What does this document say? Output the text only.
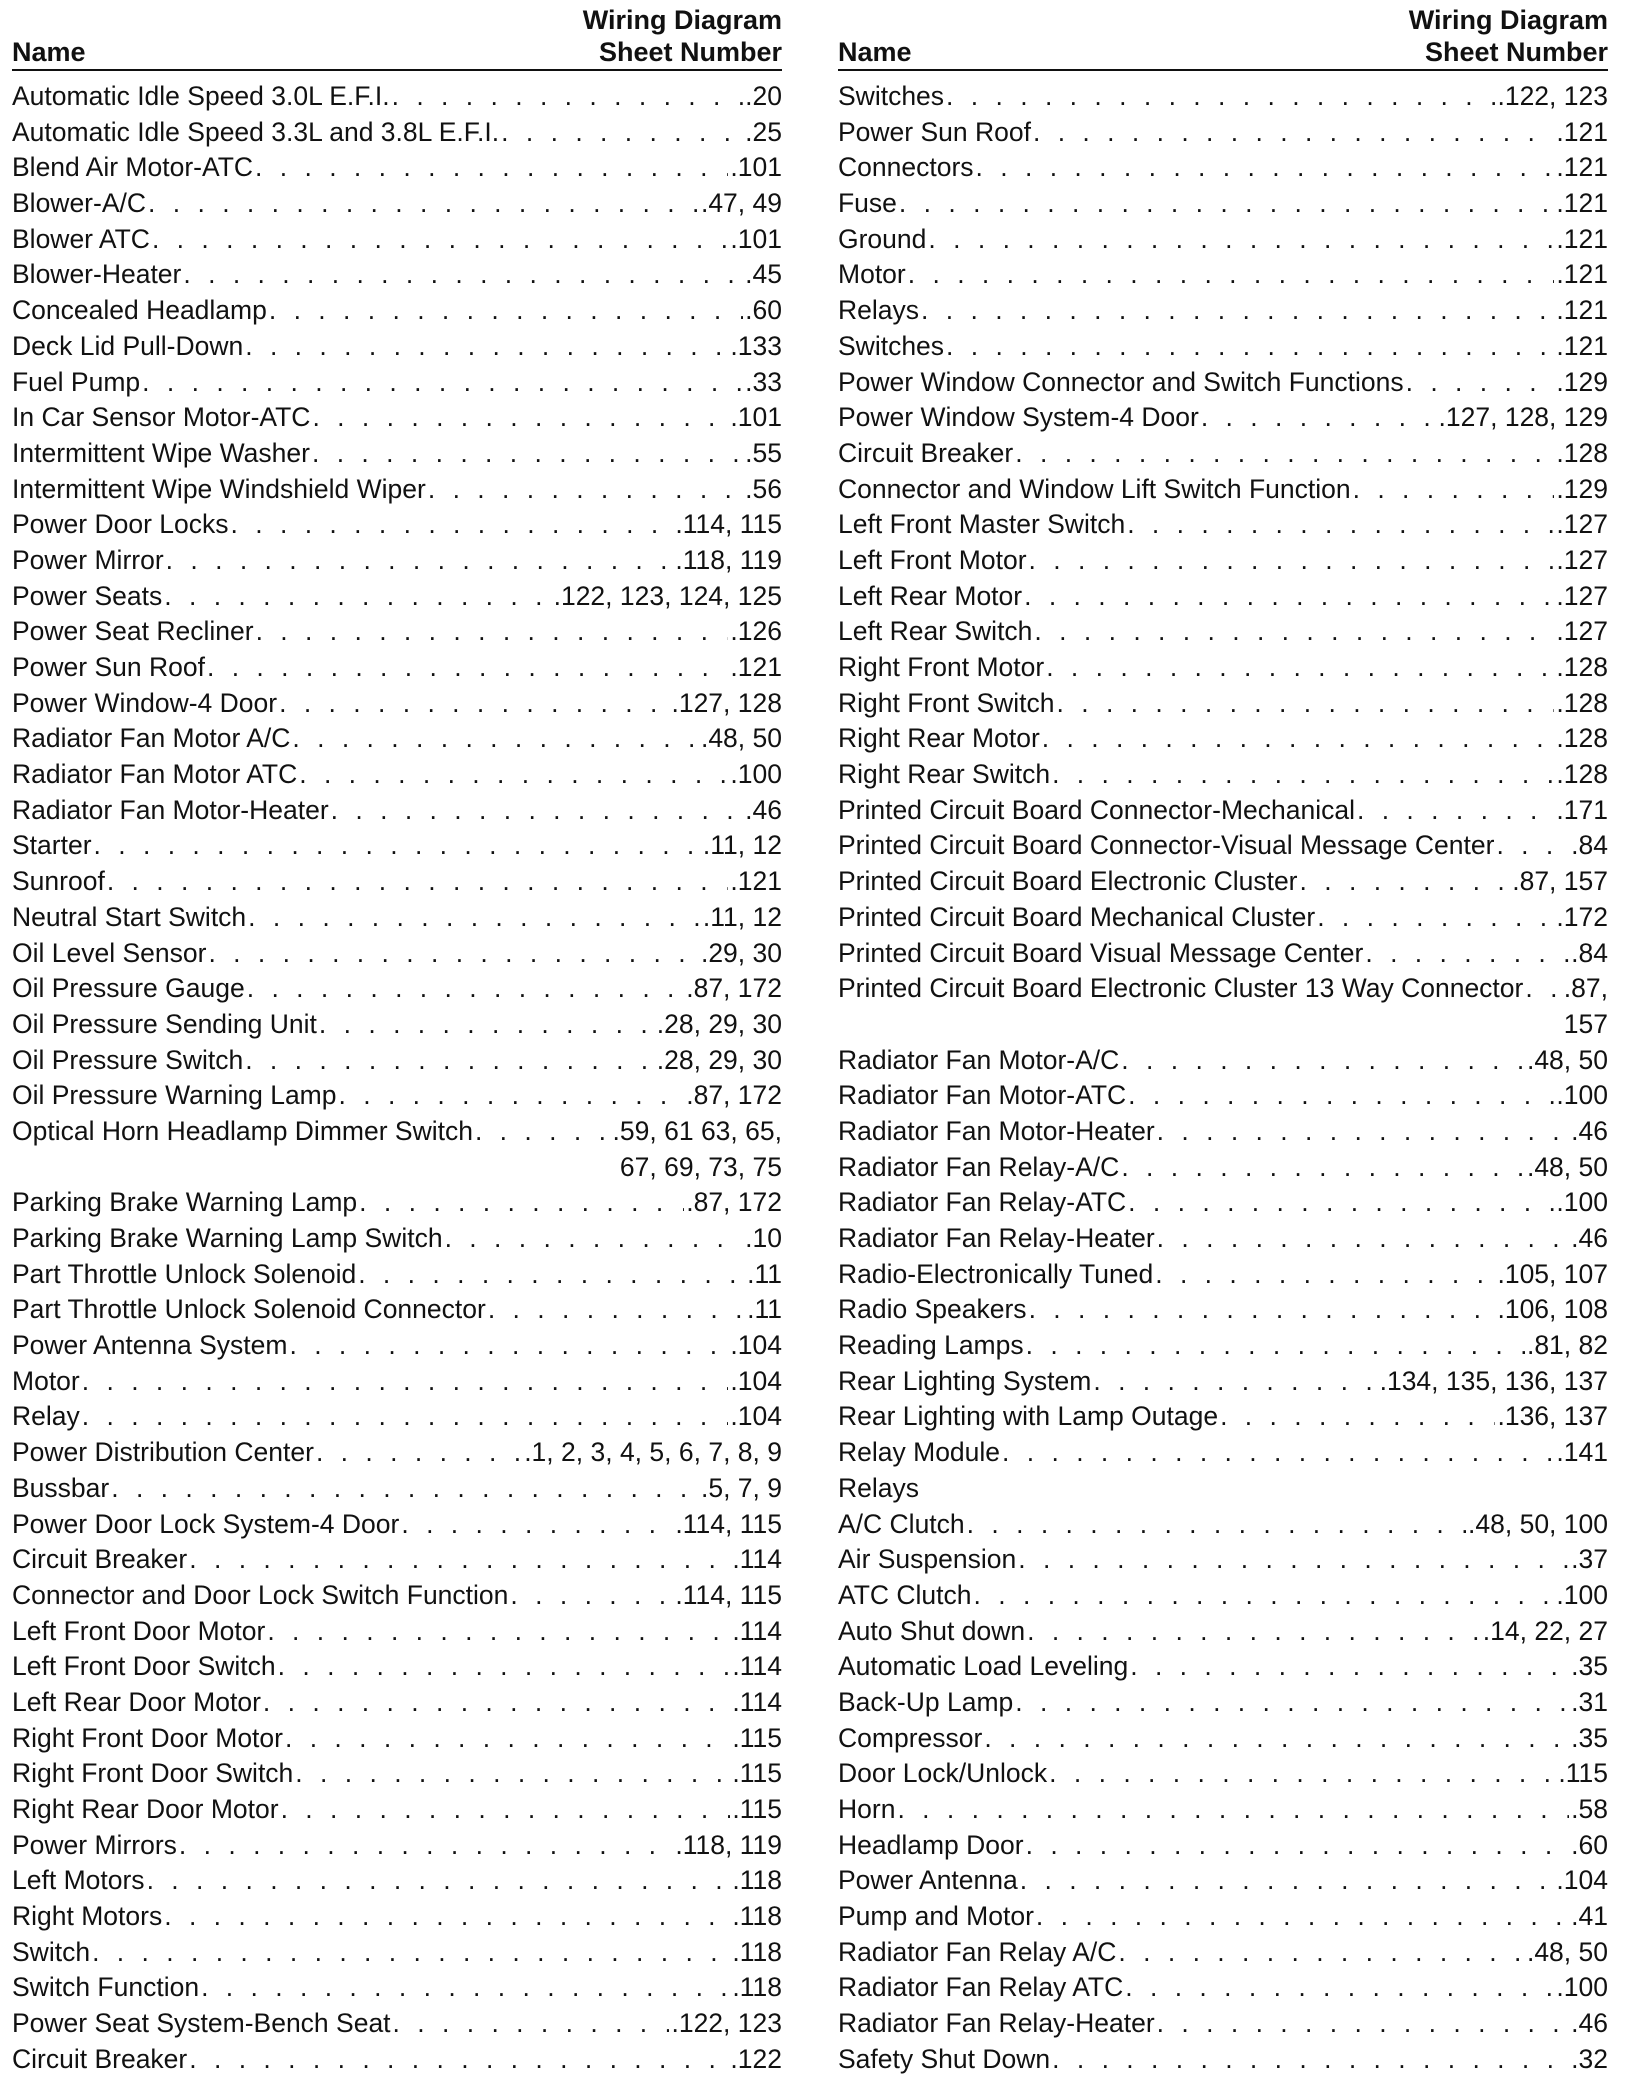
Name
Wiring Diagram
Sheet Number
Automatic Idle Speed 3.0L E.F.I. . . .	.20
Automatic Idle Speed 3.3L and 3.8L E.F.I. . . .	.25
Blend Air Motor-ATC . . .	.101
Blower-A/C . . .	.47, 49
Blower ATC . . .	.101
Blower-Heater . . .	.45
Concealed Headlamp . . .	.60
Deck Lid Pull-Down . . .	.133
Fuel Pump . . .	.33
In Car Sensor Motor-ATC . . .	.101
Intermittent Wipe Washer . . .	.55
Intermittent Wipe Windshield Wiper . . .	.56
Power Door Locks . . .	.114, 115
Power Mirror . . .	.118, 119
Power Seats . . .	.122, 123, 124, 125
Power Seat Recliner . . .	.126
Power Sun Roof . . .	.121
Power Window-4 Door . . .	.127, 128
Radiator Fan Motor A/C . . .	.48, 50
Radiator Fan Motor ATC . . .	.100
Radiator Fan Motor-Heater . . .	.46
Starter . . .	.11, 12
Sunroof . . .	.121
Neutral Start Switch . . .	.11, 12
Oil Level Sensor . . .	.29, 30
Oil Pressure Gauge . . .	.87, 172
Oil Pressure Sending Unit . . .	.28, 29, 30
Oil Pressure Switch . . .	.28, 29, 30
Oil Pressure Warning Lamp . . .	.87, 172
Optical Horn Headlamp Dimmer Switch . . .	.59, 61 63, 65,
67, 69, 73, 75
Parking Brake Warning Lamp . . .	.87, 172
Parking Brake Warning Lamp Switch . . .	.10
Part Throttle Unlock Solenoid . . .	.11
Part Throttle Unlock Solenoid Connector . . .	.11
Power Antenna System . . .	.104
Motor . . .	.104
Relay . . .	.104
Power Distribution Center . . .	.1, 2, 3, 4, 5, 6, 7, 8, 9
Bussbar . . .	.5, 7, 9
Power Door Lock System-4 Door . . .	.114, 115
Circuit Breaker . . .	.114
Connector and Door Lock Switch Function . . .	.114, 115
Left Front Door Motor . . .	.114
Left Front Door Switch . . .	.114
Left Rear Door Motor . . .	.114
Right Front Door Motor . . .	.115
Right Front Door Switch . . .	.115
Right Rear Door Motor . . .	.115
Power Mirrors . . .	.118, 119
Left Motors . . .	.118
Right Motors . . .	.118
Switch . . .	.118
Switch Function . . .	.118
Power Seat System-Bench Seat . . .	.122, 123
Circuit Breaker . . .	.122
Name
Wiring Diagram
Sheet Number
Switches . . .	.122, 123
Power Sun Roof . . .	.121
Connectors . . .	.121
Fuse . . .	.121
Ground . . .	.121
Motor . . .	.121
Relays . . .	.121
Switches . . .	.121
Power Window Connector and Switch Functions . . .	.129
Power Window System-4 Door . . .	.127, 128, 129
Circuit Breaker . . .	.128
Connector and Window Lift Switch Function . . .	.129
Left Front Master Switch . . .	.127
Left Front Motor . . .	.127
Left Rear Motor . . .	.127
Left Rear Switch . . .	.127
Right Front Motor . . .	.128
Right Front Switch . . .	.128
Right Rear Motor . . .	.128
Right Rear Switch . . .	.128
Printed Circuit Board Connector-Mechanical . . .	.171
Printed Circuit Board Connector-Visual Message Center . . .	.84
Printed Circuit Board Electronic Cluster . . .	.87, 157
Printed Circuit Board Mechanical Cluster . . .	.172
Printed Circuit Board Visual Message Center . . .	.84
Printed Circuit Board Electronic Cluster 13 Way Connector . . . .87,
157
Radiator Fan Motor-A/C . . .	.48, 50
Radiator Fan Motor-ATC . . .	.100
Radiator Fan Motor-Heater . . .	.46
Radiator Fan Relay-A/C . . .	.48, 50
Radiator Fan Relay-ATC . . .	.100
Radiator Fan Relay-Heater . . .	.46
Radio-Electronically Tuned . . .	.105, 107
Radio Speakers . . .	.106, 108
Reading Lamps . . .	.81, 82
Rear Lighting System . . .	.134, 135, 136, 137
Rear Lighting with Lamp Outage . . .	.136, 137
Relay Module . . .	.141
Relays
A/C Clutch . . .	.48, 50, 100
Air Suspension . . .	.37
ATC Clutch . . .	.100
Auto Shut down . . .	.14, 22, 27
Automatic Load Leveling . . .	.35
Back-Up Lamp . . .	.31
Compressor . . .	.35
Door Lock/Unlock . . .	.115
Horn . . .	.58
Headlamp Door . . .	.60
Power Antenna . . .	.104
Pump and Motor . . .	.41
Radiator Fan Relay A/C . . .	.48, 50
Radiator Fan Relay ATC . . .	.100
Radiator Fan Relay-Heater . . .	.46
Safety Shut Down . . .	.32
